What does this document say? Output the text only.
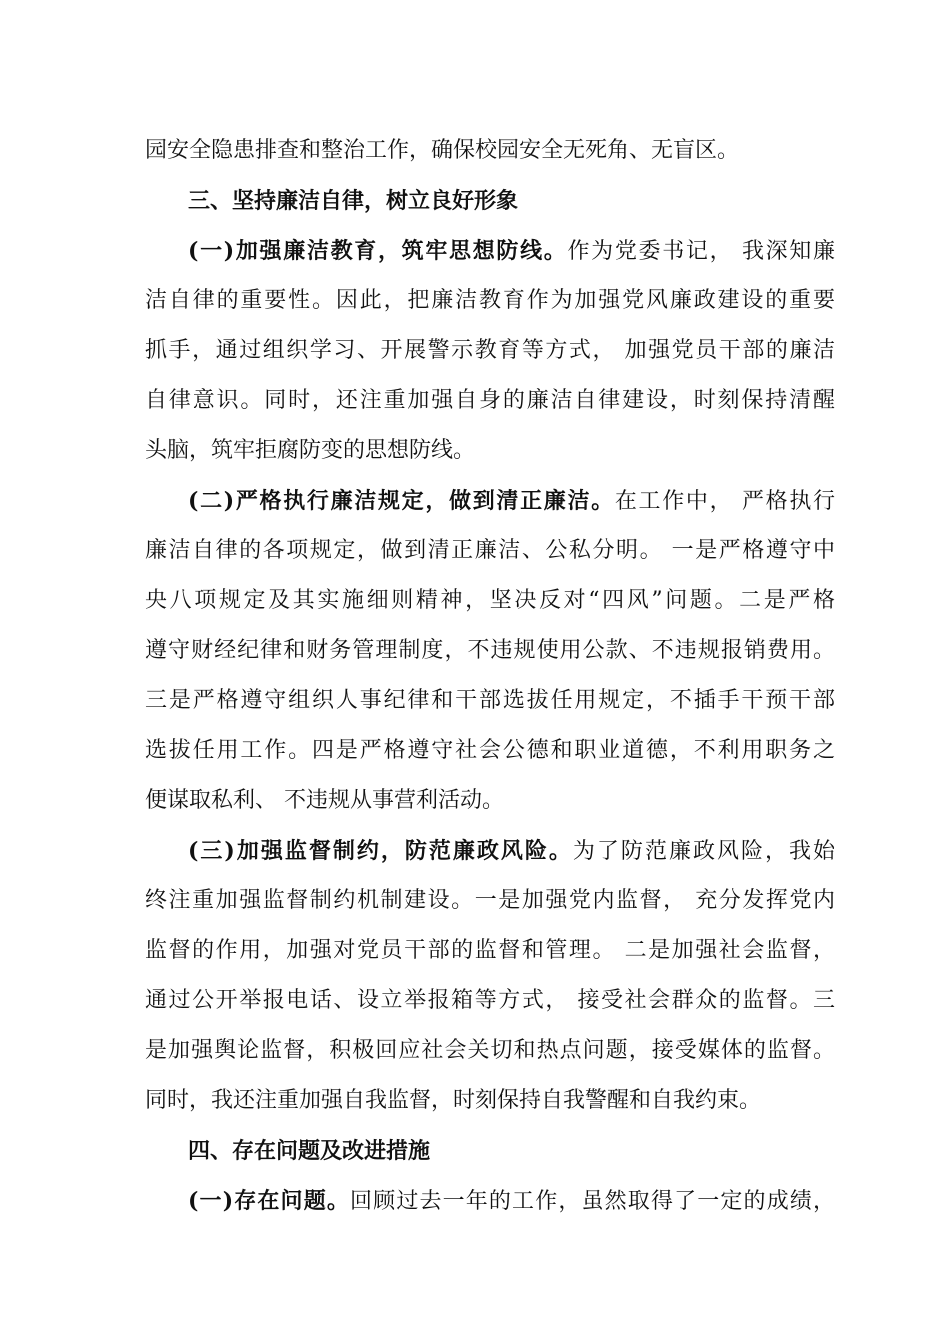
园安全隐患排查和整治工作，确保校园安全无死角、无盲区。
三、坚持廉洁自律，树立良好形象
(一)加强廉洁教育，筑牢思想防线。作为党委书记， 我深知廉
洁自律的重要性。因此，把廉洁教育作为加强党风廉政建设的重要
抓手，通过组织学习、开展警示教育等方式， 加强党员干部的廉洁
自律意识。同时，还注重加强自身的廉洁自律建设，时刻保持清醒
头脑，筑牢拒腐防变的思想防线。
(二)严格执行廉洁规定，做到清正廉洁。在工作中， 严格执行
廉洁自律的各项规定，做到清正廉洁、公私分明。 一是严格遵守中
央八项规定及其实施细则精神，坚决反对“四风”问题。二是严格
遵守财经纪律和财务管理制度，不违规使用公款、不违规报销费用。
三是严格遵守组织人事纪律和干部选拔任用规定，不插手干预干部
选拔任用工作。四是严格遵守社会公德和职业道德，不利用职务之
便谋取私利、 不违规从事营利活动。
(三)加强监督制约，防范廉政风险。为了防范廉政风险，我始
终注重加强监督制约机制建设。一是加强党内监督， 充分发挥党内
监督的作用，加强对党员干部的监督和管理。 二是加强社会监督，
通过公开举报电话、设立举报箱等方式， 接受社会群众的监督。三
是加强舆论监督，积极回应社会关切和热点问题，接受媒体的监督。
同时，我还注重加强自我监督，时刻保持自我警醒和自我约束。
四、存在问题及改进措施
(一)存在问题。回顾过去一年的工作，虽然取得了一定的成绩，
